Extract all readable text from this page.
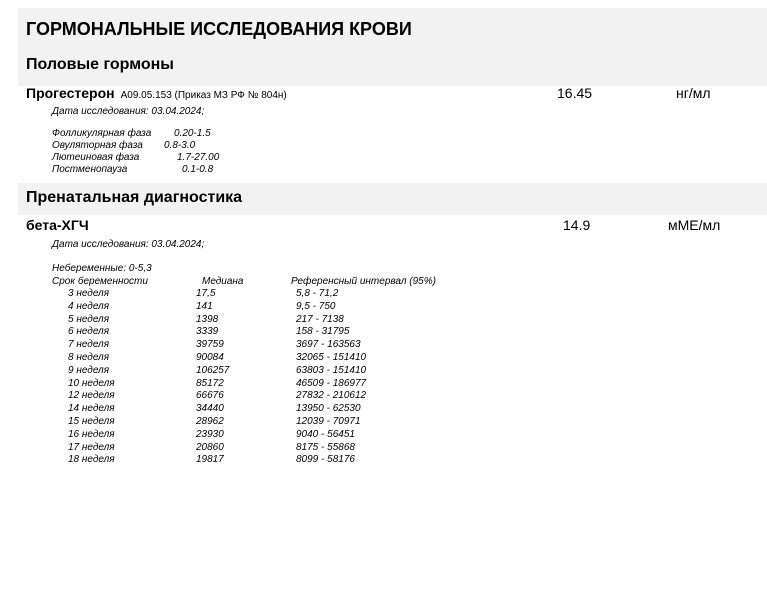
ГОРМОНАЛЬНЫЕ ИССЛЕДОВАНИЯ КРОВИ
Половые гормоны
Прогестерон A09.05.153 (Приказ МЗ РФ № 804н)	16.45	нг/мл
Дата исследования: 03.04.2024;
Фолликулярная фаза 0.20-1.5
Овуляторная фаза 0.8-3.0
Лютеиновая фаза	1.7-27.00
Постменопауза	0.1-0.8
Пренатальная диагностика
бета-ХГЧ	14.9	мМЕ/мл
Дата исследования: 03.04.2024;
Небеременные: 0-5,3
Срок беременности	Медиана	Референсный интервал (95%)
3 неделя	17,5	5,8 - 71,2
4 неделя	141	9,5 - 750
5 неделя	1398	217 - 7138
6 неделя	3339	158 - 31795
7 неделя	39759	3697 - 163563
8 неделя	90084	32065 - 151410
9 неделя	106257	63803 - 151410
10 неделя	85172	46509 - 186977
12 неделя	66676	27832 - 210612
14 неделя	34440	13950 - 62530
15 неделя	28962	12039 - 70971
16 неделя	23930	9040 - 56451
17 неделя	20860	8175 - 55868
18 неделя	19817	8099 - 58176
